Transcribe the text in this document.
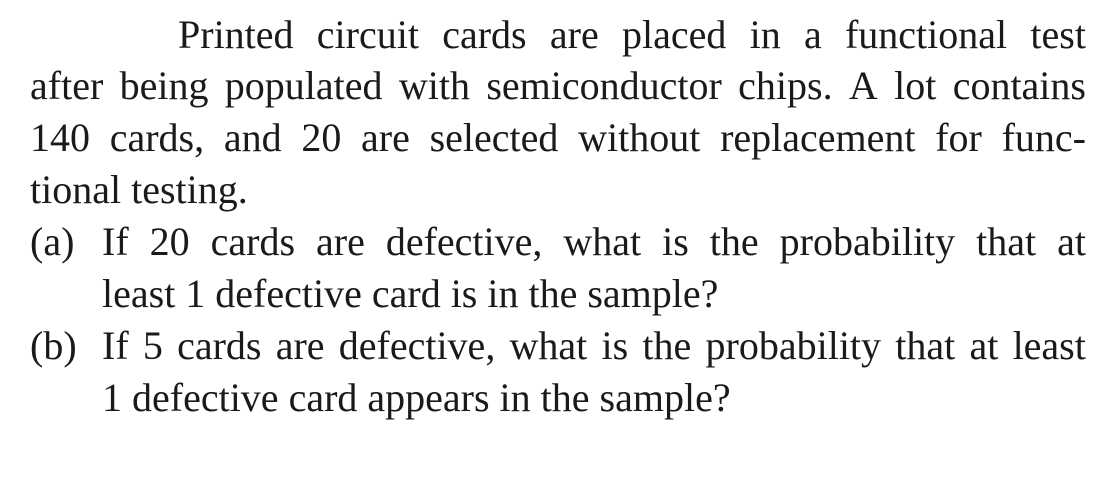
Printed circuit cards are placed in a functional test
after being populated with semiconductor chips. A lot contains
140 cards, and 20 are selected without replacement for func-
tional testing.
(a) If 20 cards are defective, what is the probability that at
least 1 defective card is in the sample?
(b) If 5 cards are defective, what is the probability that at least
1 defective card appears in the sample?
